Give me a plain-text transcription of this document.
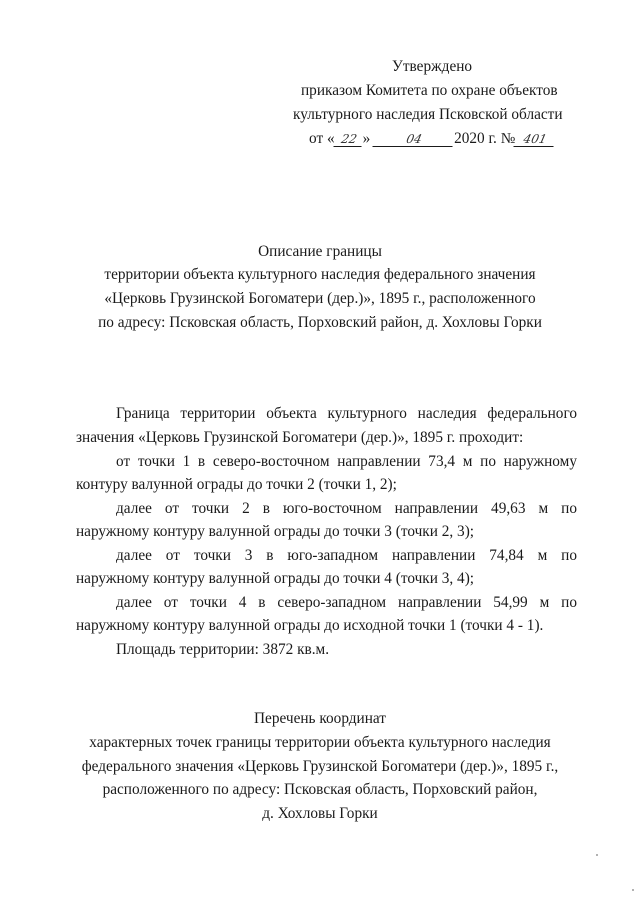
Утверждено
приказом Комитета по охране объектов
культурного наследия Псковской области
от « 22 »	04 2020 г. № 401
Описание границы
территории объекта культурного наследия федерального значения
«Церковь Грузинской Богоматери (дер.)», 1895 г., расположенного
по адресу: Псковская область, Порховский район, д. Хохловы Горки
Граница территории объекта культурного наследия федерального
значения «Церковь Грузинской Богоматери (дер.)», 1895 г. проходит:
от точки 1 в северо-восточном направлении 73,4 м по наружному
контуру валунной ограды до точки 2 (точки 1, 2);
далее от точки 2 в юго-восточном направлении 49,63 м по
наружному контуру валунной ограды до точки 3 (точки 2, 3);
далее от точки 3 в юго-западном направлении 74,84 м по
наружному контуру валунной ограды до точки 4 (точки 3, 4);
далее от точки 4 в северо-западном направлении 54,99 м по
наружному контуру валунной ограды до исходной точки 1 (точки 4 - 1).
Площадь территории: 3872 кв.м.
Перечень координат
характерных точек границы территории объекта культурного наследия
федерального значения «Церковь Грузинской Богоматери (дер.)», 1895 г.,
расположенного по адресу: Псковская область, Порховский район,
д. Хохловы Горки
